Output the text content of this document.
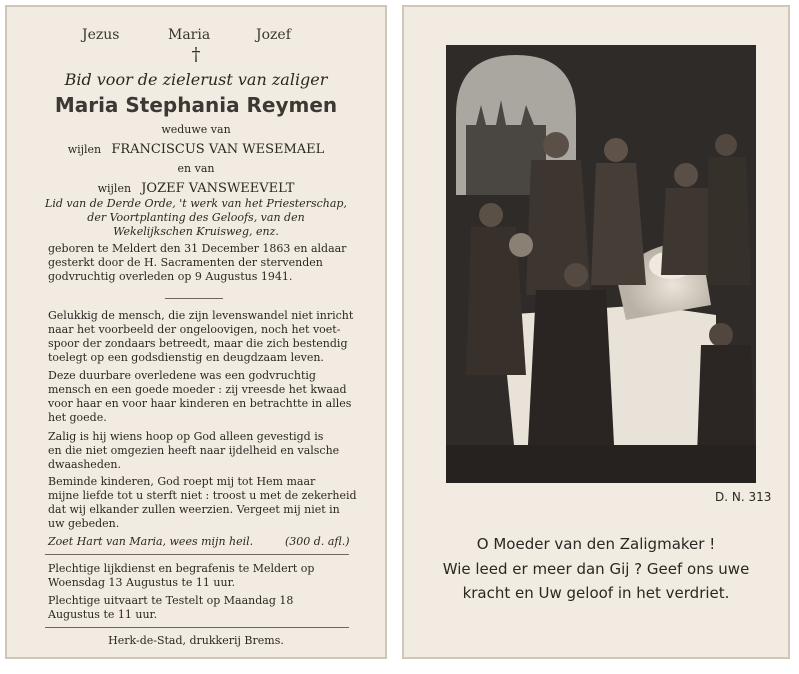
Jezus	Maria	Jozef
†
Bid voor de zielerust van zaliger
Maria Stephania Reymen
weduwe van
wijlen FRANCISCUS VAN WESEMAEL
en van
wijlen JOZEF VANSWEEVELT
Lid van de Derde Orde, 't werk van het Priesterschap,
der Voortplanting des Geloofs, van den
Wekelijkschen Kruisweg, enz.
geboren te Meldert den 31 December 1863 en aldaar
gesterkt door de H. Sacramenten der stervenden
godvruchtig overleden op 9 Augustus 1941.
Gelukkig de mensch, die zijn levenswandel niet inricht
naar het voorbeeld der ongeloovigen, noch het voet-
spoor der zondaars betreedt, maar die zich bestendig
toelegt op een godsdienstig en deugdzaam leven.
Deze duurbare overledene was een godvruchtig
mensch en een goede moeder : zij vreesde het kwaad
voor haar en voor haar kinderen en betrachtte in alles
het goede.
Zalig is hij wiens hoop op God alleen gevestigd is
en die niet omgezien heeft naar ijdelheid en valsche
dwaasheden.
Beminde kinderen, God roept mij tot Hem maar
mijne liefde tot u sterft niet : troost u met de zekerheid
dat wij elkander zullen weerzien. Vergeet mij niet in
uw gebeden.
Zoet Hart van Maria, wees mijn heil.	(300 d. afl.)
Plechtige lijkdienst en begrafenis te Meldert op
Woensdag 13 Augustus te 11 uur.
Plechtige uitvaart te Testelt op Maandag 18
Augustus te 11 uur.
Herk-de-Stad, drukkerij Brems.
D. N. 313
O Moeder van den Zaligmaker !
Wie leed er meer dan Gij ? Geef ons uwe
kracht en Uw geloof in het verdriet.
